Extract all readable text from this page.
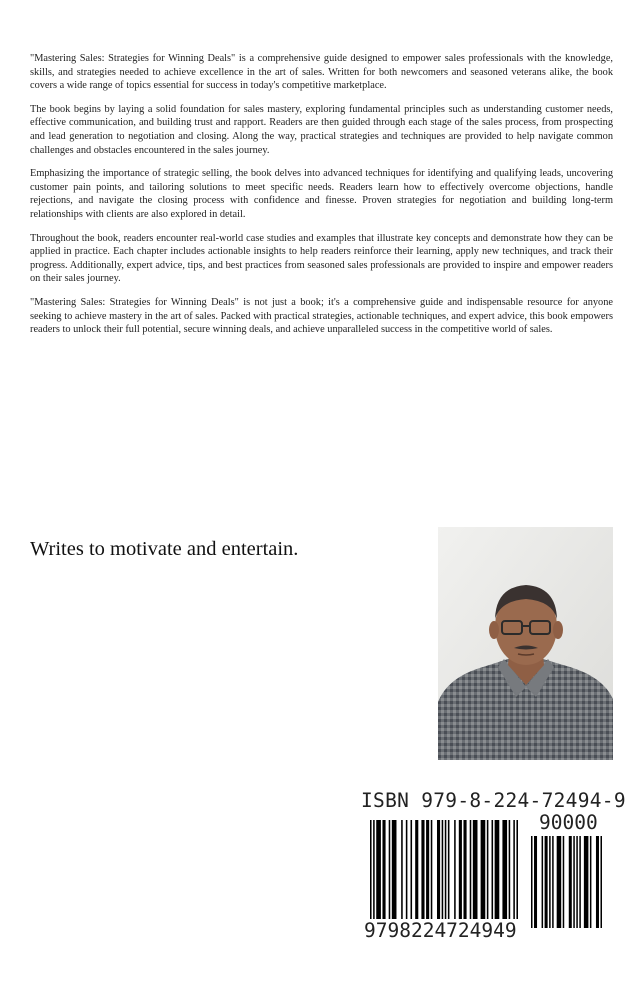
"Mastering Sales: Strategies for Winning Deals" is a comprehensive guide designed to empower sales professionals with the knowledge, skills, and strategies needed to achieve excellence in the art of sales. Written for both newcomers and seasoned veterans alike, the book covers a wide range of topics essential for success in today's competitive marketplace.

The book begins by laying a solid foundation for sales mastery, exploring fundamental principles such as understanding customer needs, effective communication, and building trust and rapport. Readers are then guided through each stage of the sales process, from prospecting and lead generation to negotiation and closing. Along the way, practical strategies and techniques are provided to help navigate common challenges and obstacles encountered in the sales journey.

Emphasizing the importance of strategic selling, the book delves into advanced techniques for identifying and qualifying leads, uncovering customer pain points, and tailoring solutions to meet specific needs. Readers learn how to effectively overcome objections, handle rejections, and navigate the closing process with confidence and finesse. Proven strategies for negotiation and building long-term relationships with clients are also explored in detail.

Throughout the book, readers encounter real-world case studies and examples that illustrate key concepts and demonstrate how they can be applied in practice. Each chapter includes actionable insights to help readers reinforce their learning, apply new techniques, and track their progress. Additionally, expert advice, tips, and best practices from seasoned sales professionals are provided to inspire and empower readers on their sales journey.

"Mastering Sales: Strategies for Winning Deals" is not just a book; it's a comprehensive guide and indispensable resource for anyone seeking to achieve mastery in the art of sales. Packed with practical strategies, actionable techniques, and expert advice, this book empowers readers to unlock their full potential, secure winning deals, and achieve unparalleled success in the competitive world of sales.

Writes to motivate and entertain.
ISBN 979-8-224-72494-9
90000
9798224724949
